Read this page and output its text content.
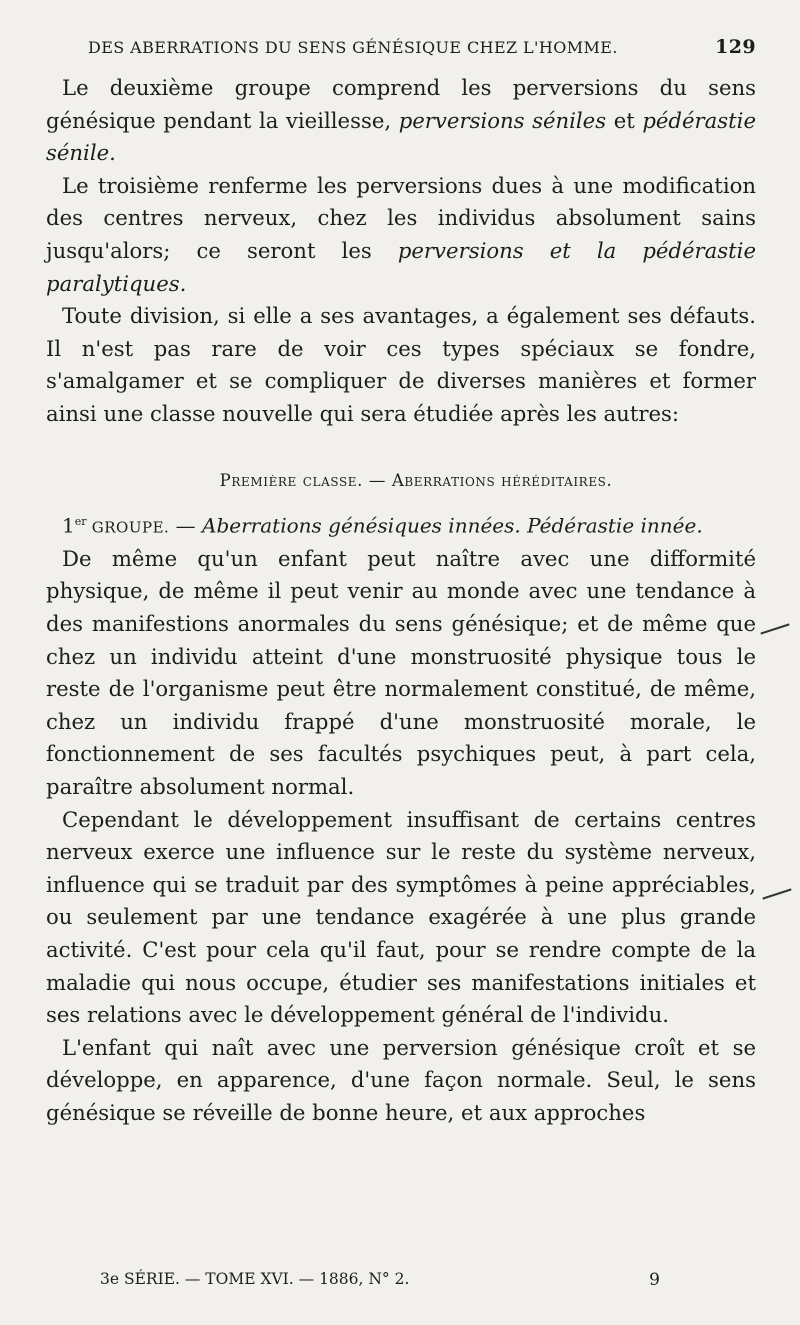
DES ABERRATIONS DU SENS GÉNÉSIQUE CHEZ L'HOMME.	129

Le deuxième groupe comprend les perversions du sens génésique pendant la vieillesse, perversions séniles et pédérastie sénile.

Le troisième renferme les perversions dues à une modification des centres nerveux, chez les individus absolument sains jusqu'alors; ce seront les perversions et la pédérastie paralytiques.

Toute division, si elle a ses avantages, a également ses défauts. Il n'est pas rare de voir ces types spéciaux se fondre, s'amalgamer et se compliquer de diverses manières et former ainsi une classe nouvelle qui sera étudiée après les autres:

Première classe. — Aberrations héréditaires.

1er GROUPE. — Aberrations génésiques innées. Pédérastie innée.

De même qu'un enfant peut naître avec une difformité physique, de même il peut venir au monde avec une tendance à des manifestions anormales du sens génésique; et de même que chez un individu atteint d'une monstruosité physique tous le reste de l'organisme peut être normalement constitué, de même, chez un individu frappé d'une monstruosité morale, le fonctionnement de ses facultés psychiques peut, à part cela, paraître absolument normal.

Cependant le développement insuffisant de certains centres nerveux exerce une influence sur le reste du système nerveux, influence qui se traduit par des symptômes à peine appréciables, ou seulement par une tendance exagérée à une plus grande activité. C'est pour cela qu'il faut, pour se rendre compte de la maladie qui nous occupe, étudier ses manifestations initiales et ses relations avec le développement général de l'individu.

L'enfant qui naît avec une perversion génésique croît et se développe, en apparence, d'une façon normale. Seul, le sens génésique se réveille de bonne heure, et aux approches

3e SÉRIE. — TOME XVI. — 1886, N° 2.	9
